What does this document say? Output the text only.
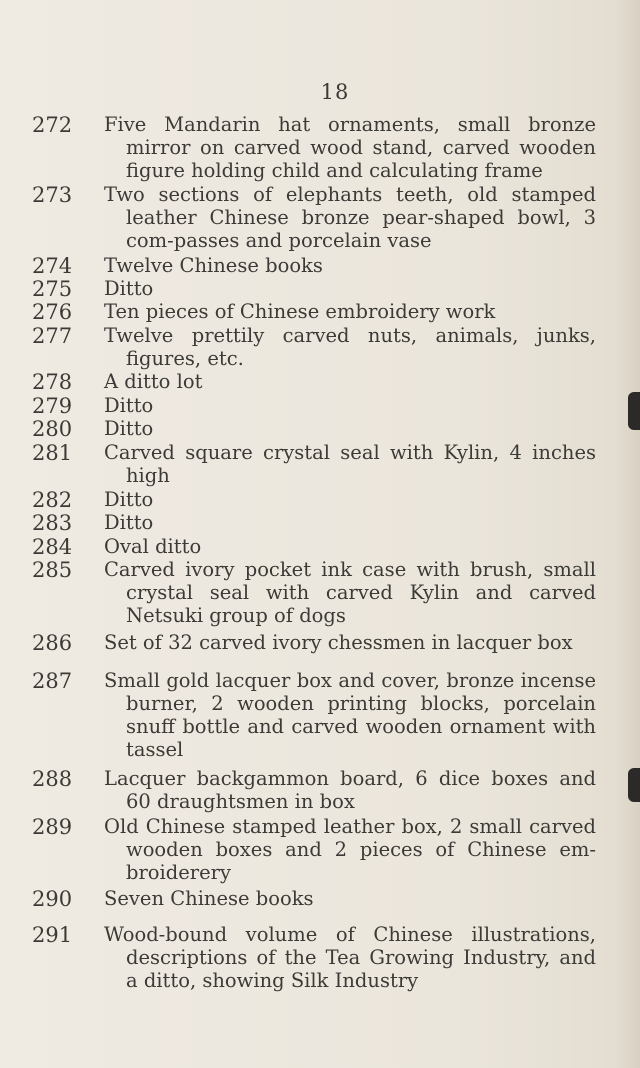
18
272	Five Mandarin hat ornaments, small bronze mirror on carved wood stand, carved wooden figure holding child and calculating frame
273	Two sections of elephants teeth, old stamped leather Chinese bronze pear-shaped bowl, 3 com-passes and porcelain vase
274	Twelve Chinese books
275	Ditto
276	Ten pieces of Chinese embroidery work
277	Twelve prettily carved nuts, animals, junks, figures, etc.
278	A ditto lot
279	Ditto
280	Ditto
281	Carved square crystal seal with Kylin, 4 inches high
282	Ditto
283	Ditto
284	Oval ditto
285	Carved ivory pocket ink case with brush, small crystal seal with carved Kylin and carved Netsuki group of dogs
286	Set of 32 carved ivory chessmen in lacquer box
287	Small gold lacquer box and cover, bronze incense burner, 2 wooden printing blocks, porcelain snuff bottle and carved wooden ornament with tassel
288	Lacquer backgammon board, 6 dice boxes and 60 draughtsmen in box
289	Old Chinese stamped leather box, 2 small carved wooden boxes and 2 pieces of Chinese em-broiderery
290	Seven Chinese books
291	Wood-bound volume of Chinese illustrations, descriptions of the Tea Growing Industry, and a ditto, showing Silk Industry
